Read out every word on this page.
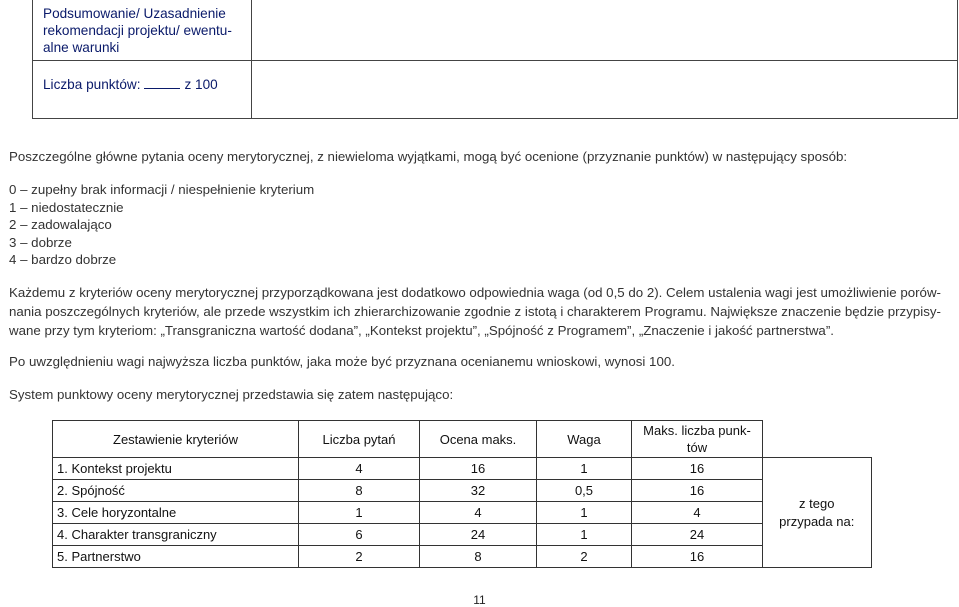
Podsumowanie/ Uzasadnienie
rekomendacji projektu/ ewentu-
alne warunki
Liczba punktów:	z 100
Poszczególne główne pytania oceny merytorycznej, z niewieloma wyjątkami, mogą być ocenione (przyznanie punktów) w następujący sposób:
0 – zupełny brak informacji / niespełnienie kryterium
1 – niedostatecznie
2 – zadowalająco
3 – dobrze
4 – bardzo dobrze
Każdemu z kryteriów oceny merytorycznej przyporządkowana jest dodatkowo odpowiednia waga (od 0,5 do 2). Celem ustalenia wagi jest umożliwienie porów-
nania poszczególnych kryteriów, ale przede wszystkim ich zhierarchizowanie zgodnie z istotą i charakterem Programu. Największe znaczenie będzie przypisy-
wane przy tym kryteriom: „Transgraniczna wartość dodana”, „Kontekst projektu”, „Spójność z Programem”, „Znaczenie i jakość partnerstwa”.
Po uwzględnieniu wagi najwyższa liczba punktów, jaka może być przyznana ocenianemu wnioskowi, wynosi 100.
System punktowy oceny merytorycznej przedstawia się zatem następująco:
Zestawienie kryteriów	Liczba pytań	Ocena maks.	Waga	Maks. liczba punk-
tów	

1. Kontekst projektu	4	16	1	16	z tego
przypada na:

2. Spójność	8	32	0,5	16	
3. Cele horyzontalne	1	4	1	4	
4. Charakter transgraniczny	6	24	1	24	
5. Partnerstwo	2	8	2	16	
11
